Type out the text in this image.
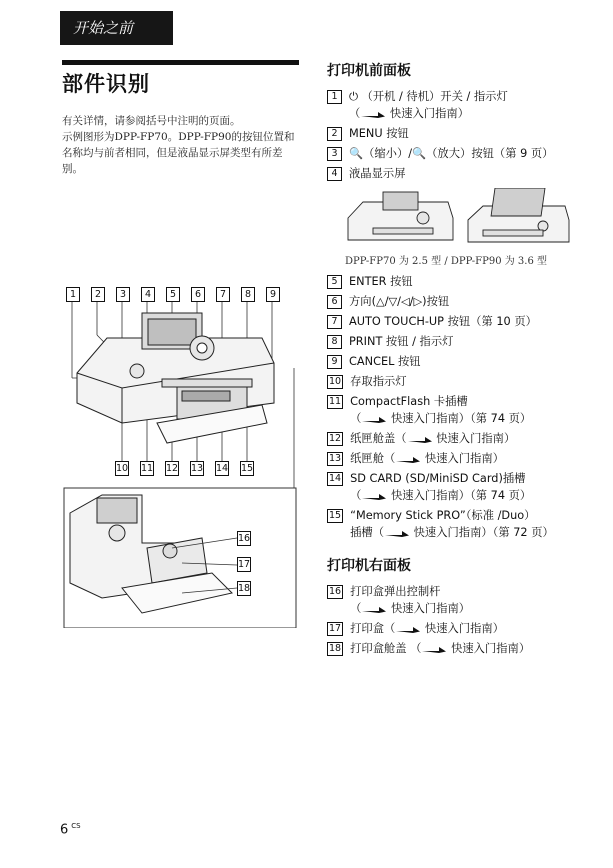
开始之前
部件识别

有关详情，请参阅括号中注明的页面。

示例图形为DPP-FP70。DPP-FP90的按钮位置和名称均与前者相同，但是液晶显示屏类型有所差别。

1	2	3	4	5	6	7	8	9
10 11 12 13 14 15
16
17
18
打印机前面板
1	⏻ （开机 / 待机）开关 / 指示灯
（	快速入门指南）
2	MENU 按钮
3	🔍（缩小）/🔍（放大）按钮（第 9 页）
4	液晶显示屏
DPP-FP70 为 2.5 型 / DPP-FP90 为 3.6 型
5	ENTER 按钮
6	方向(△/▽/◁/▷)按钮
7	AUTO TOUCH-UP 按钮（第 10 页）
8	PRINT 按钮 / 指示灯
9	CANCEL 按钮
10 存取指示灯
11 CompactFlash 卡插槽
（	快速入门指南）（第 74 页）
12 纸匣舱盖（	快速入门指南）
13 纸匣舱（	快速入门指南）
14 SD CARD (SD/MiniSD Card)插槽
（	快速入门指南）（第 74 页）
15 “Memory Stick PRO”（标准 /Duo）
插槽（	快速入门指南）（第 72 页）
打印机右面板
16 打印盒弹出控制杆
（	快速入门指南）
17 打印盒（	快速入门指南）
18 打印盒舱盖 （	快速入门指南）
6 $^{CS}$
